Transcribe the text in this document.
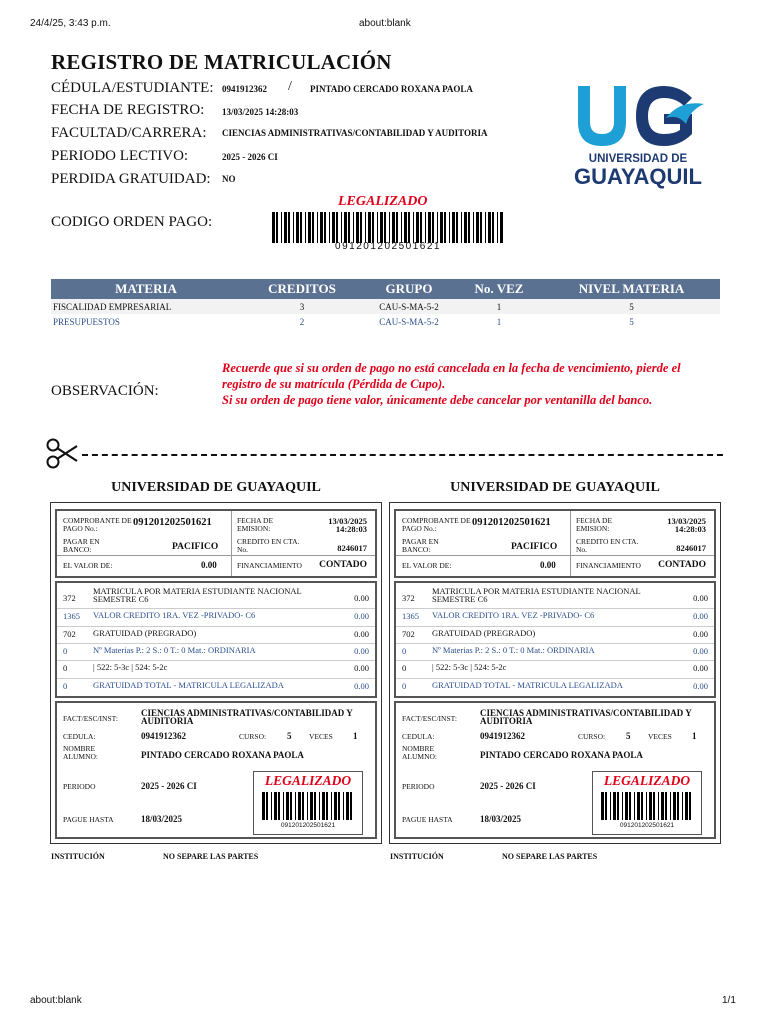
24/4/25, 3:43 p.m.	about:blank
about:blank	1/1
REGISTRO DE MATRICULACIÓN
CÉDULA/ESTUDIANTE: 0941912362 / PINTADO CERCADO ROXANA PAOLA
FECHA DE REGISTRO: 13/03/2025 14:28:03
FACULTAD/CARRERA: CIENCIAS ADMINISTRATIVAS/CONTABILIDAD Y AUDITORIA
PERIODO LECTIVO:	2025 - 2026 CI
PERDIDA GRATUIDAD: NO
CODIGO ORDEN PAGO:
LEGALIZADO
091201202501621
UNIVERSIDAD DE
GUAYAQUIL
MATERIA	CREDITOS	GRUPO	No. VEZ	NIVEL MATERIA
FISCALIDAD EMPRESARIAL	3	CAU-S-MA-5-2	1	5
PRESUPUESTOS	2	CAU-S-MA-5-2	1	5
OBSERVACIÓN:
Recuerde que si su orden de pago no está cancelada en la fecha de vencimiento, pierde el registro de su matrícula (Pérdida de Cupo).
Si su orden de pago tiene valor, únicamente debe cancelar por ventanilla del banco.
UNIVERSIDAD DE GUAYAQUIL	UNIVERSIDAD DE GUAYAQUIL
COMPROBANTE DE PAGO No.:
091201202501621
PAGAR EN BANCO:	PACIFICO
EL VALOR DE:	0.00
FECHA DE EMISION:
13/03/2025
14:28:03
CREDITO EN CTA. No.	8246017
FINANCIAMIENTO CONTADO
372
MATRICULA POR MATERIA ESTUDIANTE NACIONAL SEMESTRE C6	0.00
1365 VALOR CREDITO 1RA. VEZ -PRIVADO- C6	0.00
702 GRATUIDAD (PREGRADO)	0.00
0	Nº Materias P.: 2 S.: 0 T.: 0 Mat.: ORDINARIA	0.00
0	| 522: 5-3c | 524: 5-2c	0.00
0	GRATUIDAD TOTAL - MATRICULA LEGALIZADA	0.00
FACT/ESC/INST:
CIENCIAS ADMINISTRATIVAS/CONTABILIDAD Y AUDITORIA
CEDULA:	0941912362	CURSO: 5 VECES 1
NOMBRE ALUMNO:	PINTADO CERCADO ROXANA PAOLA
PERIODO	2025 - 2026 CI
PAGUE HASTA	18/03/2025
LEGALIZADO
091201202501621
COMPROBANTE DE PAGO No.:
091201202501621
PAGAR EN BANCO:	PACIFICO
EL VALOR DE:	0.00
FECHA DE EMISION:
13/03/2025
14:28:03
CREDITO EN CTA. No.	8246017
FINANCIAMIENTO CONTADO
372
MATRICULA POR MATERIA ESTUDIANTE NACIONAL SEMESTRE C6	0.00
1365 VALOR CREDITO 1RA. VEZ -PRIVADO- C6	0.00
702 GRATUIDAD (PREGRADO)	0.00
0	Nº Materias P.: 2 S.: 0 T.: 0 Mat.: ORDINARIA	0.00
0	| 522: 5-3c | 524: 5-2c	0.00
0	GRATUIDAD TOTAL - MATRICULA LEGALIZADA	0.00
FACT/ESC/INST:
CIENCIAS ADMINISTRATIVAS/CONTABILIDAD Y AUDITORIA
CEDULA:	0941912362	CURSO: 5 VECES 1
NOMBRE ALUMNO:	PINTADO CERCADO ROXANA PAOLA
PERIODO	2025 - 2026 CI
PAGUE HASTA	18/03/2025
LEGALIZADO
091201202501621
INSTITUCIÓN	NO SEPARE LAS PARTES	INSTITUCIÓN	NO SEPARE LAS PARTES
